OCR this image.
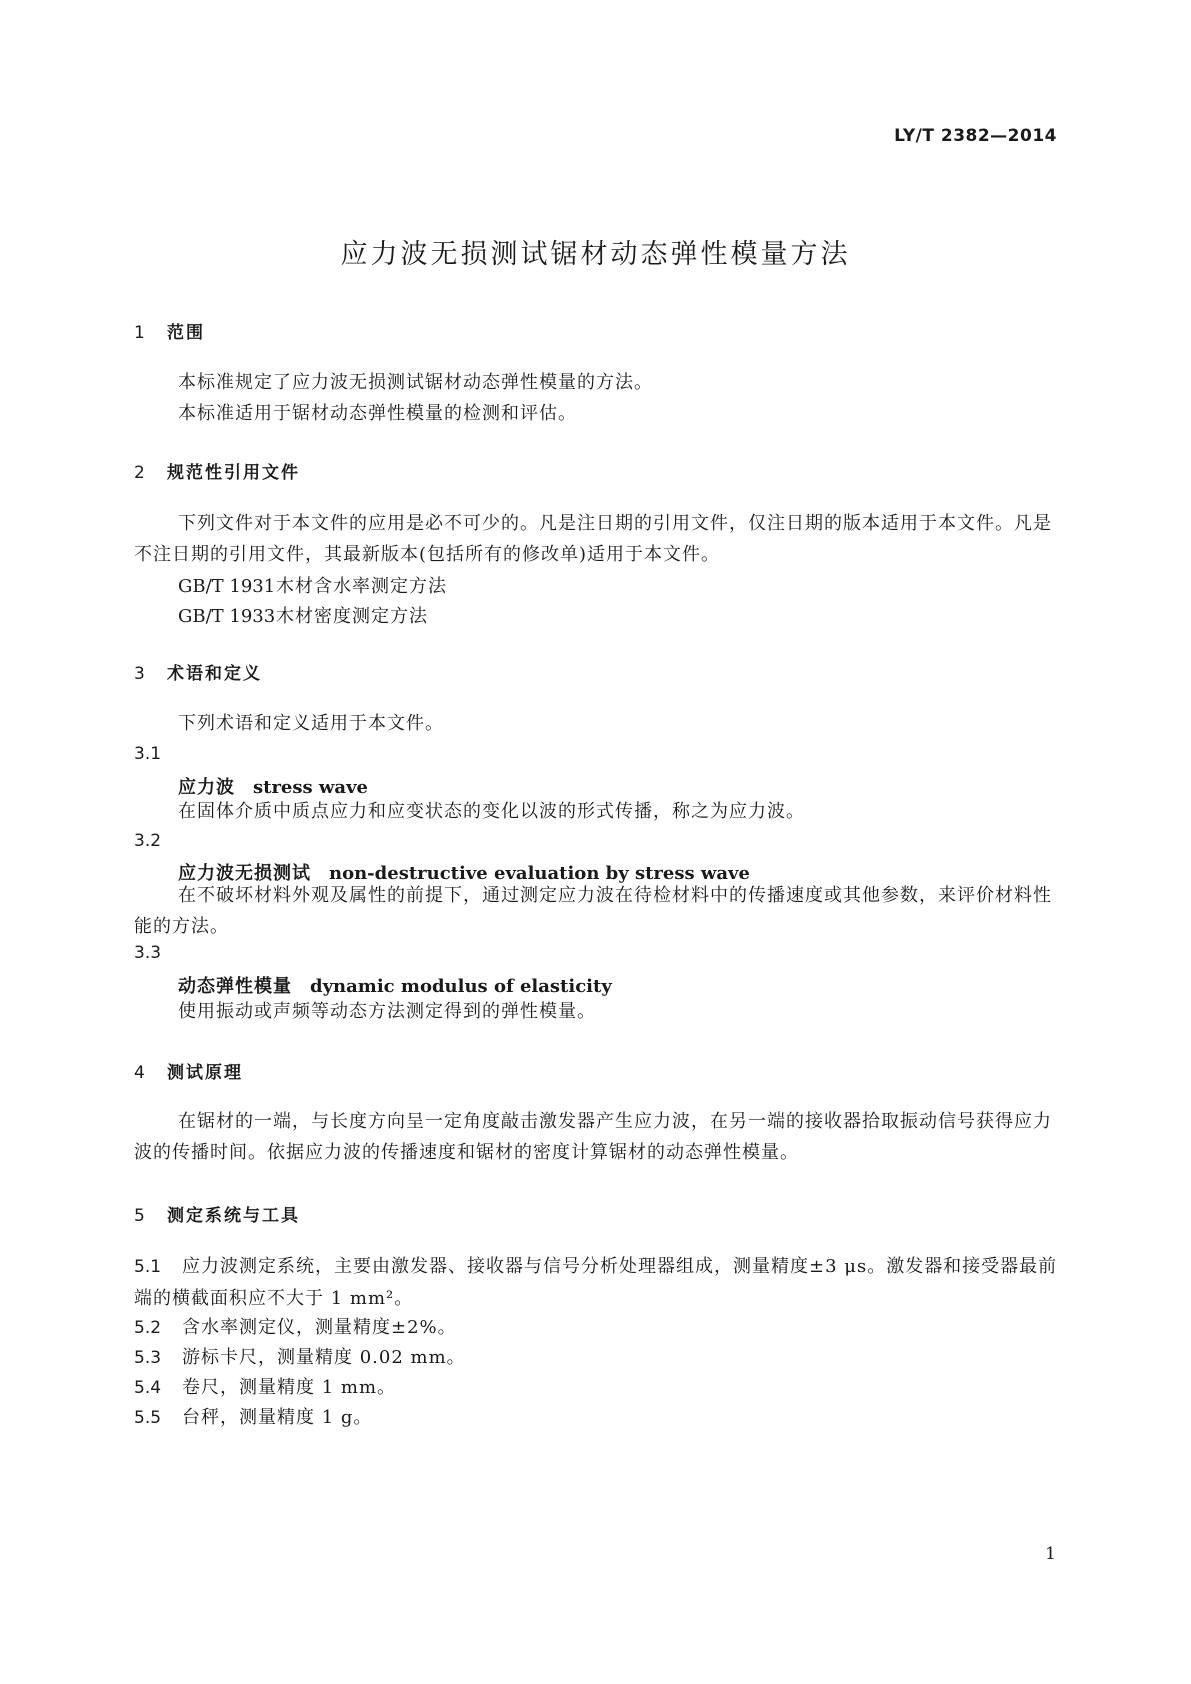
LY/T 2382—2014
应力波无损测试锯材动态弹性模量方法
1 范围
本标准规定了应力波无损测试锯材动态弹性模量的方法。
本标准适用于锯材动态弹性模量的检测和评估。
2 规范性引用文件
下列文件对于本文件的应用是必不可少的。凡是注日期的引用文件，仅注日期的版本适用于本文件。凡是不注日期的引用文件，其最新版本(包括所有的修改单)适用于本文件。
GB/T 1931木材含水率测定方法
GB/T 1933木材密度测定方法
3 术语和定义
下列术语和定义适用于本文件。
3.1
应力波 stress wave
在固体介质中质点应力和应变状态的变化以波的形式传播，称之为应力波。
3.2
应力波无损测试 non-destructive evaluation by stress wave
在不破坏材料外观及属性的前提下，通过测定应力波在待检材料中的传播速度或其他参数，来评价材料性能的方法。
3.3
动态弹性模量 dynamic modulus of elasticity
使用振动或声频等动态方法测定得到的弹性模量。
4 测试原理
在锯材的一端，与长度方向呈一定角度敲击激发器产生应力波，在另一端的接收器拾取振动信号获得应力波的传播时间。依据应力波的传播速度和锯材的密度计算锯材的动态弹性模量。
5 测定系统与工具
5.1 应力波测定系统，主要由激发器、接收器与信号分析处理器组成，测量精度±3 μs。激发器和接受器最前端的横截面积应不大于 1 mm²。
5.2 含水率测定仪，测量精度±2%。
5.3 游标卡尺，测量精度 0.02 mm。
5.4 卷尺，测量精度 1 mm。
5.5 台秤，测量精度 1 g。
1
